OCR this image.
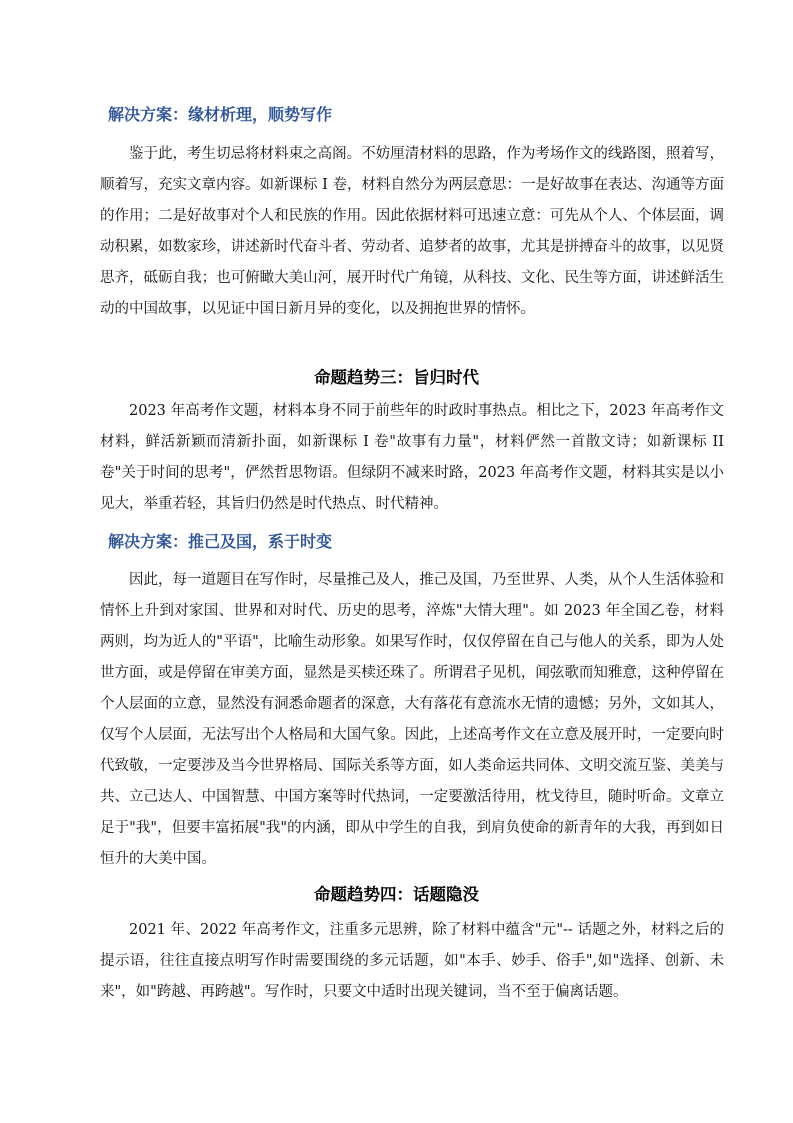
解决方案：缘材析理，顺势写作

鉴于此，考生切忌将材料束之高阁。不妨厘清材料的思路，作为考场作文的线路图，照着写，顺着写，充实文章内容。如新课标 I 卷，材料自然分为两层意思：一是好故事在表达、沟通等方面的作用；二是好故事对个人和民族的作用。因此依据材料可迅速立意：可先从个人、个体层面，调动积累，如数家珍，讲述新时代奋斗者、劳动者、追梦者的故事，尤其是拼搏奋斗的故事，以见贤思齐，砥砺自我；也可俯瞰大美山河，展开时代广角镜，从科技、文化、民生等方面，讲述鲜活生动的中国故事，以见证中国日新月异的变化，以及拥抱世界的情怀。

命题趋势三：旨归时代

2023 年高考作文题，材料本身不同于前些年的时政时事热点。相比之下，2023 年高考作文材料，鲜活新颖而清新扑面，如新课标 I 卷"故事有力量"，材料俨然一首散文诗；如新课标 II 卷"关于时间的思考"，俨然哲思物语。但绿阴不减来时路，2023 年高考作文题，材料其实是以小见大，举重若轻，其旨归仍然是时代热点、时代精神。

解决方案：推己及国，系于时变

因此，每一道题目在写作时，尽量推己及人，推己及国，乃至世界、人类，从个人生活体验和情怀上升到对家国、世界和对时代、历史的思考，淬炼"大情大理"。如 2023 年全国乙卷，材料两则，均为近人的"平语"，比喻生动形象。如果写作时，仅仅停留在自己与他人的关系，即为人处世方面，或是停留在审美方面，显然是买椟还珠了。所谓君子见机，闻弦歌而知雅意，这种停留在个人层面的立意，显然没有洞悉命题者的深意，大有落花有意流水无情的遗憾；另外，文如其人，仅写个人层面，无法写出个人格局和大国气象。因此，上述高考作文在立意及展开时，一定要向时代致敬，一定要涉及当今世界格局、国际关系等方面，如人类命运共同体、文明交流互鉴、美美与共、立己达人、中国智慧、中国方案等时代热词，一定要激活待用，枕戈待旦，随时听命。文章立足于"我"，但要丰富拓展"我"的内涵，即从中学生的自我，到肩负使命的新青年的大我，再到如日恒升的大美中国。

命题趋势四：话题隐没

2021 年、2022 年高考作文，注重多元思辨，除了材料中蕴含"元"-- 话题之外，材料之后的提示语，往往直接点明写作时需要围绕的多元话题，如"本手、妙手、俗手",如"选择、创新、未来"，如"跨越、再跨越"。写作时，只要文中适时出现关键词，当不至于偏离话题。
